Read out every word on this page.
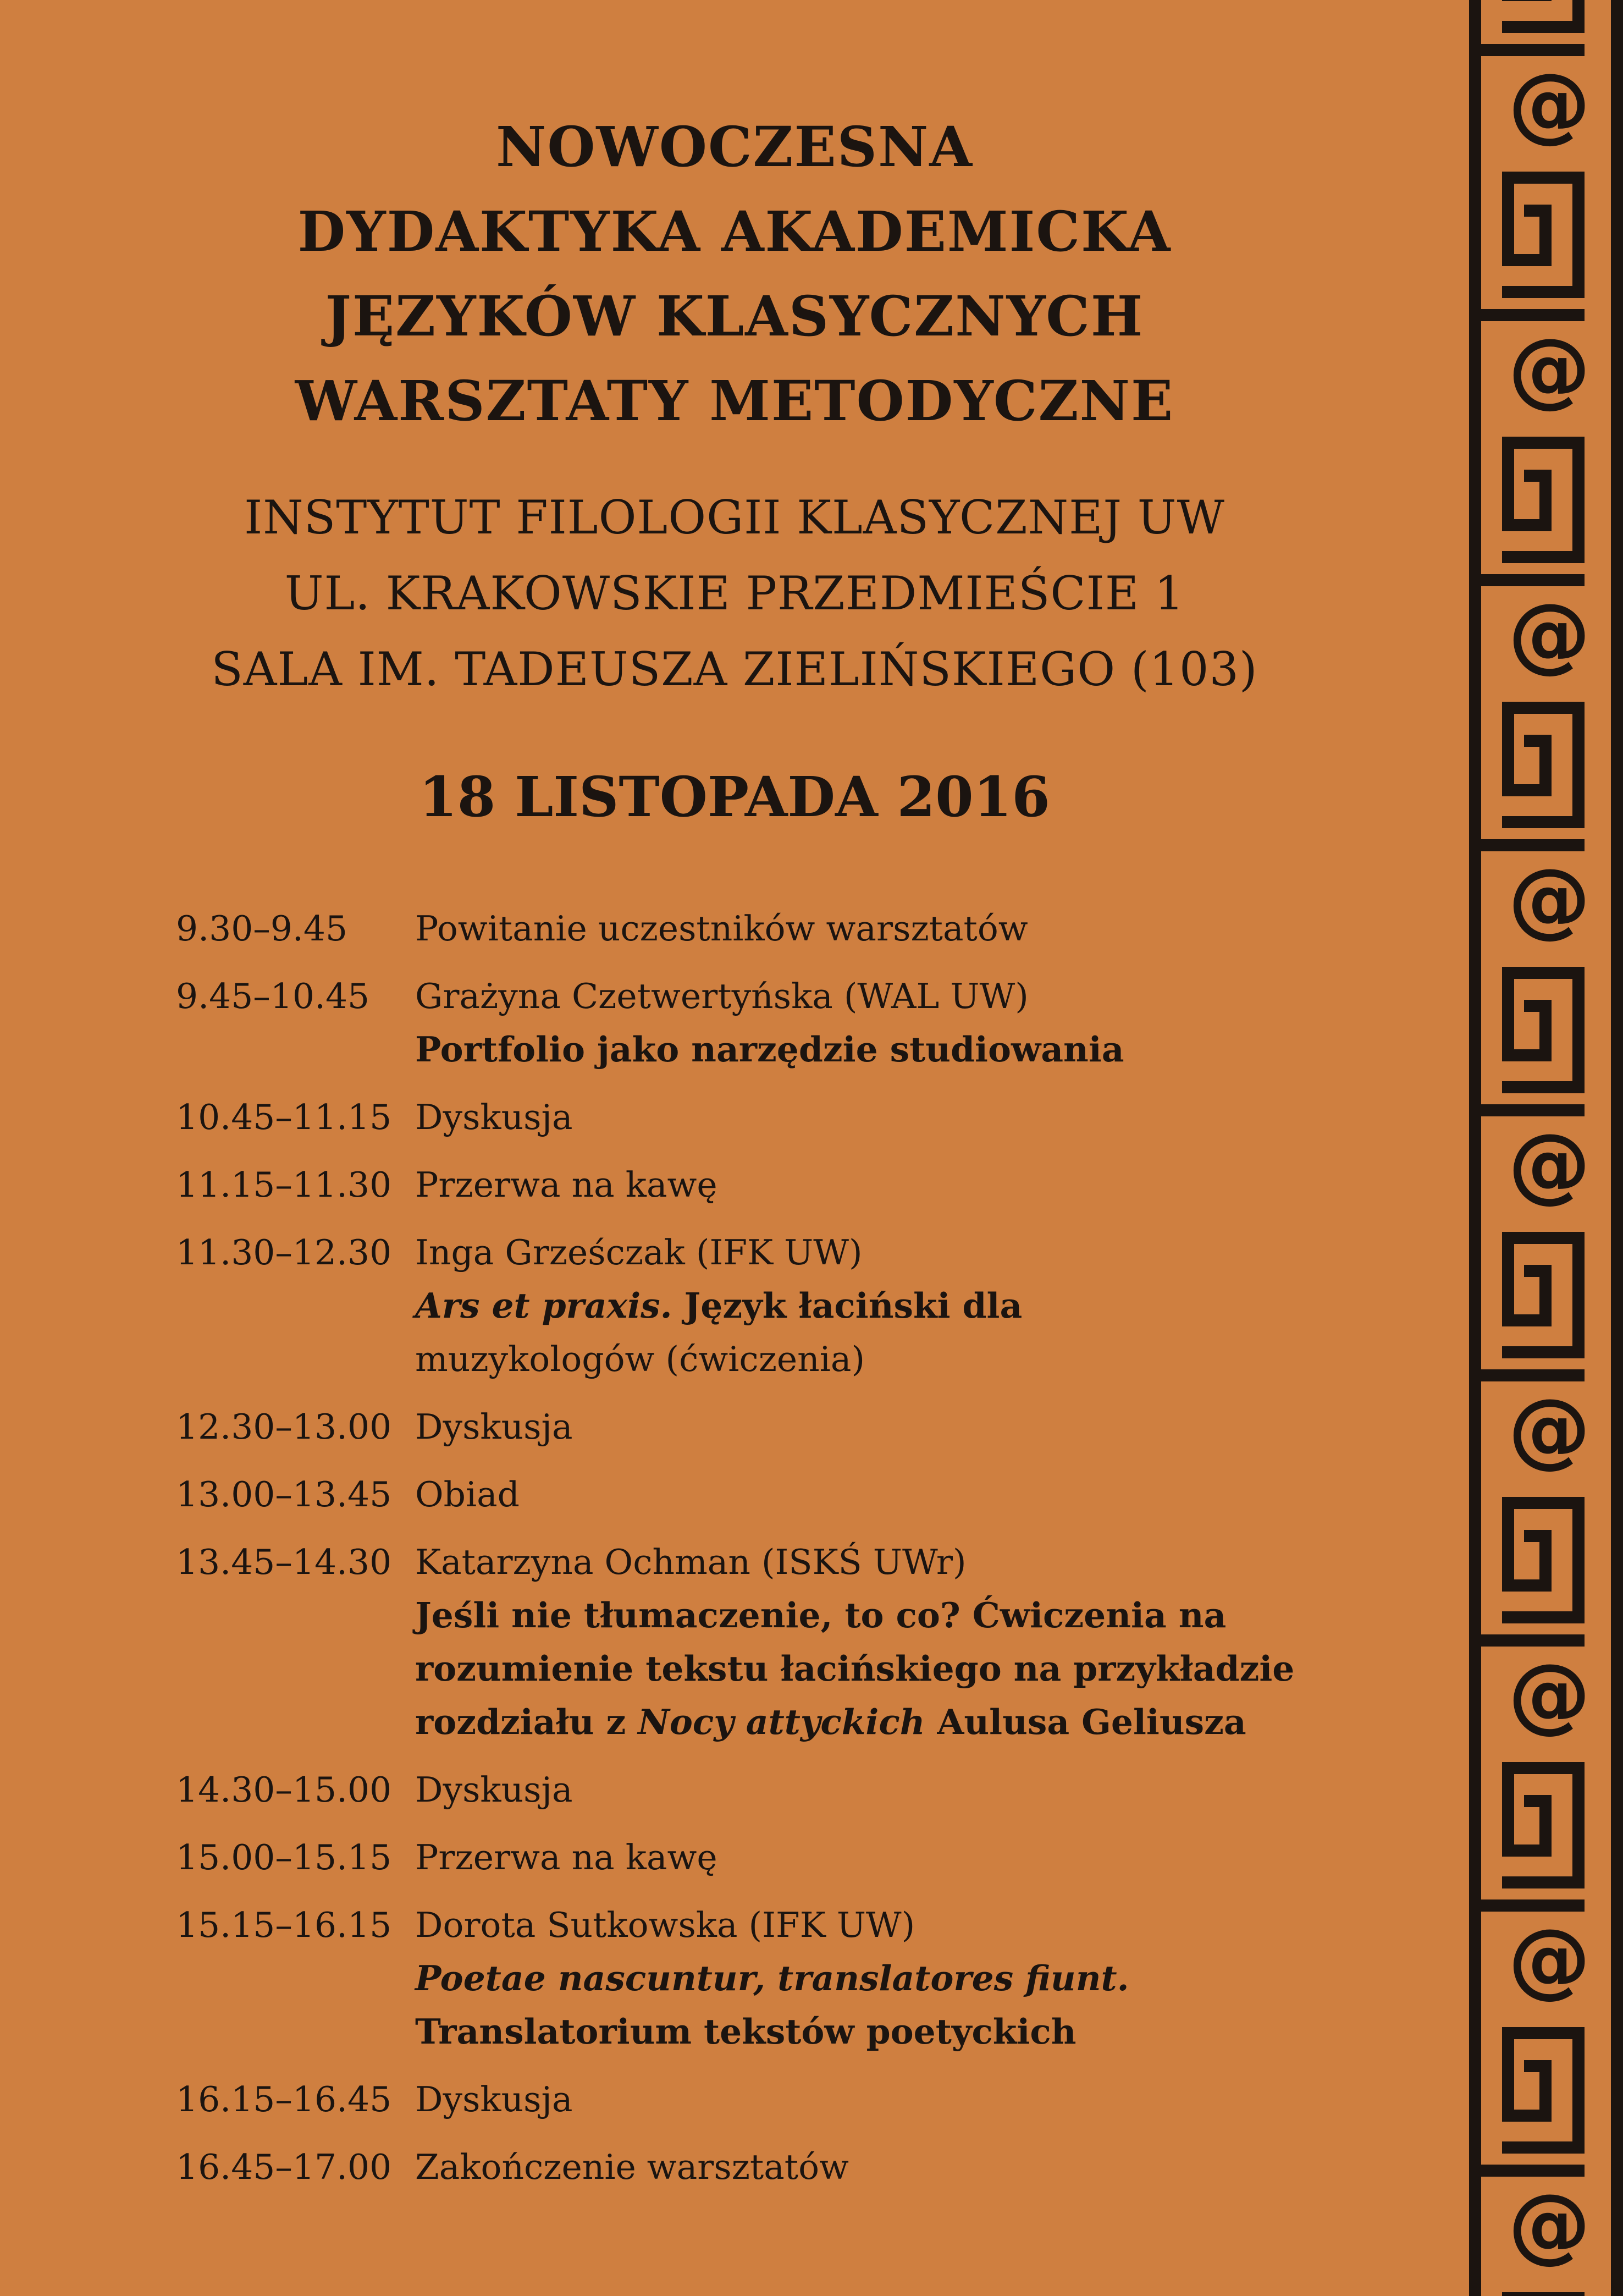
NOWOCZESNA
DYDAKTYKA AKADEMICKA
JĘZYKÓW KLASYCZNYCH
WARSZTATY METODYCZNE
INSTYTUT FILOLOGII KLASYCZNEJ UW
UL. KRAKOWSKIE PRZEDMIEŚCIE 1
SALA IM. TADEUSZA ZIELIŃSKIEGO (103)
18 LISTOPADA 2016
9.30–9.45	Powitanie uczestników warsztatów
9.45–10.45	Grażyna Czetwertyńska (WAL UW)
Portfolio jako narzędzie studiowania
10.45–11.15 Dyskusja
11.15–11.30 Przerwa na kawę
11.30–12.30 Inga Grześczak (IFK UW)
Ars et praxis. Język łaciński dla
muzykologów (ćwiczenia)
12.30–13.00 Dyskusja
13.00–13.45 Obiad
13.45–14.30 Katarzyna Ochman (ISKŚ UWr)
Jeśli nie tłumaczenie, to co? Ćwiczenia na
rozumienie tekstu łacińskiego na przykładzie
rozdziału z Nocy attyckich Aulusa Geliusza
14.30–15.00 Dyskusja
15.00–15.15 Przerwa na kawę
15.15–16.15 Dorota Sutkowska (IFK UW)
Poetae nascuntur, translatores fiunt.
Translatorium tekstów poetyckich
16.15–16.45 Dyskusja
16.45–17.00 Zakończenie warsztatów
@
@
@
@
@
@
@
@
@
